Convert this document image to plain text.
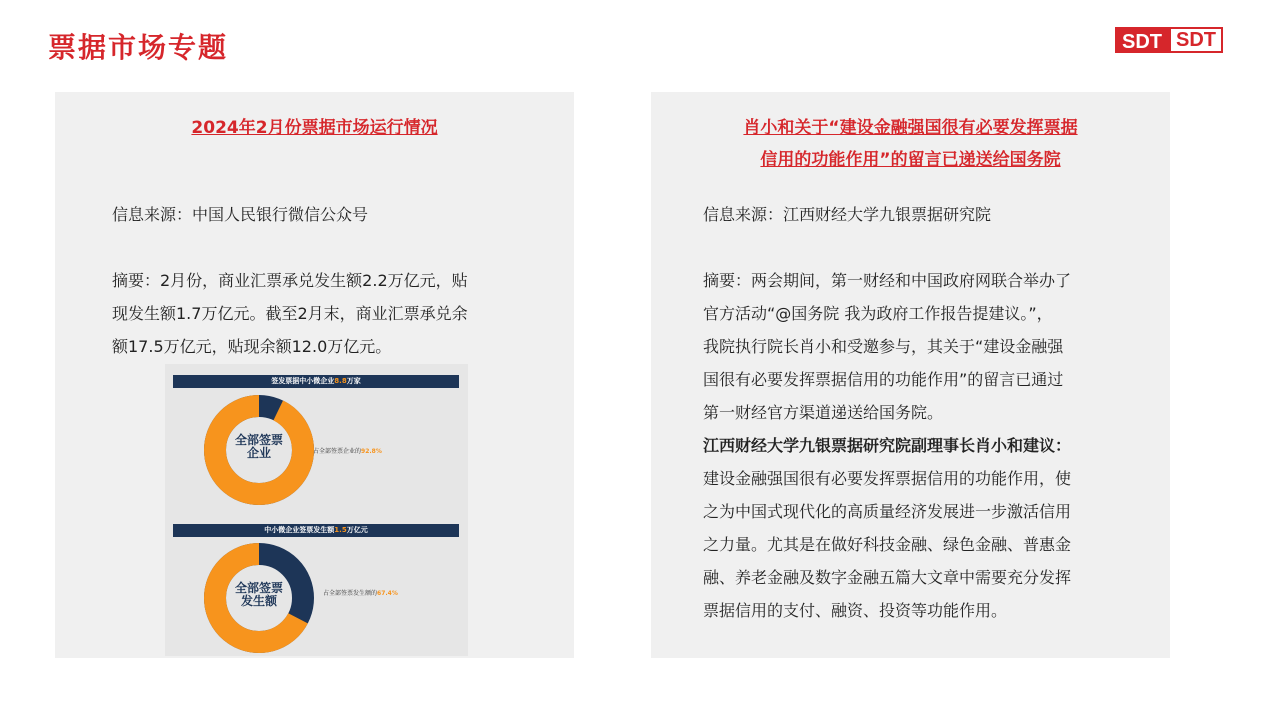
票据市场专题	SDT SDT
2024年2月份票据市场运行情况
信息来源：中国人民银行微信公众号
摘要：2月份，商业汇票承兑发生额2.2万亿元，贴
现发生额1.7万亿元。截至2月末，商业汇票承兑余
额17.5万亿元，贴现余额12.0万亿元。
签发票据中小微企业8.8万家
全部签票
企业	占全部签票企业的92.8%
中小微企业签票发生额1.5万亿元
全部签票
发生额
占全部签票发生额的67.4%
肖小和关于“建设金融强国很有必要发挥票据
信用的功能作用”的留言已递送给国务院
信息来源：江西财经大学九银票据研究院
摘要：两会期间，第一财经和中国政府网联合举办了
官方活动“@国务院 我为政府工作报告提建议。”，
我院执行院长肖小和受邀参与，其关于“建设金融强
国很有必要发挥票据信用的功能作用”的留言已通过
第一财经官方渠道递送给国务院。
江西财经大学九银票据研究院副理事长肖小和建议：
建设金融强国很有必要发挥票据信用的功能作用，使
之为中国式现代化的高质量经济发展进一步激活信用
之力量。尤其是在做好科技金融、绿色金融、普惠金
融、养老金融及数字金融五篇大文章中需要充分发挥
票据信用的支付、融资、投资等功能作用。
